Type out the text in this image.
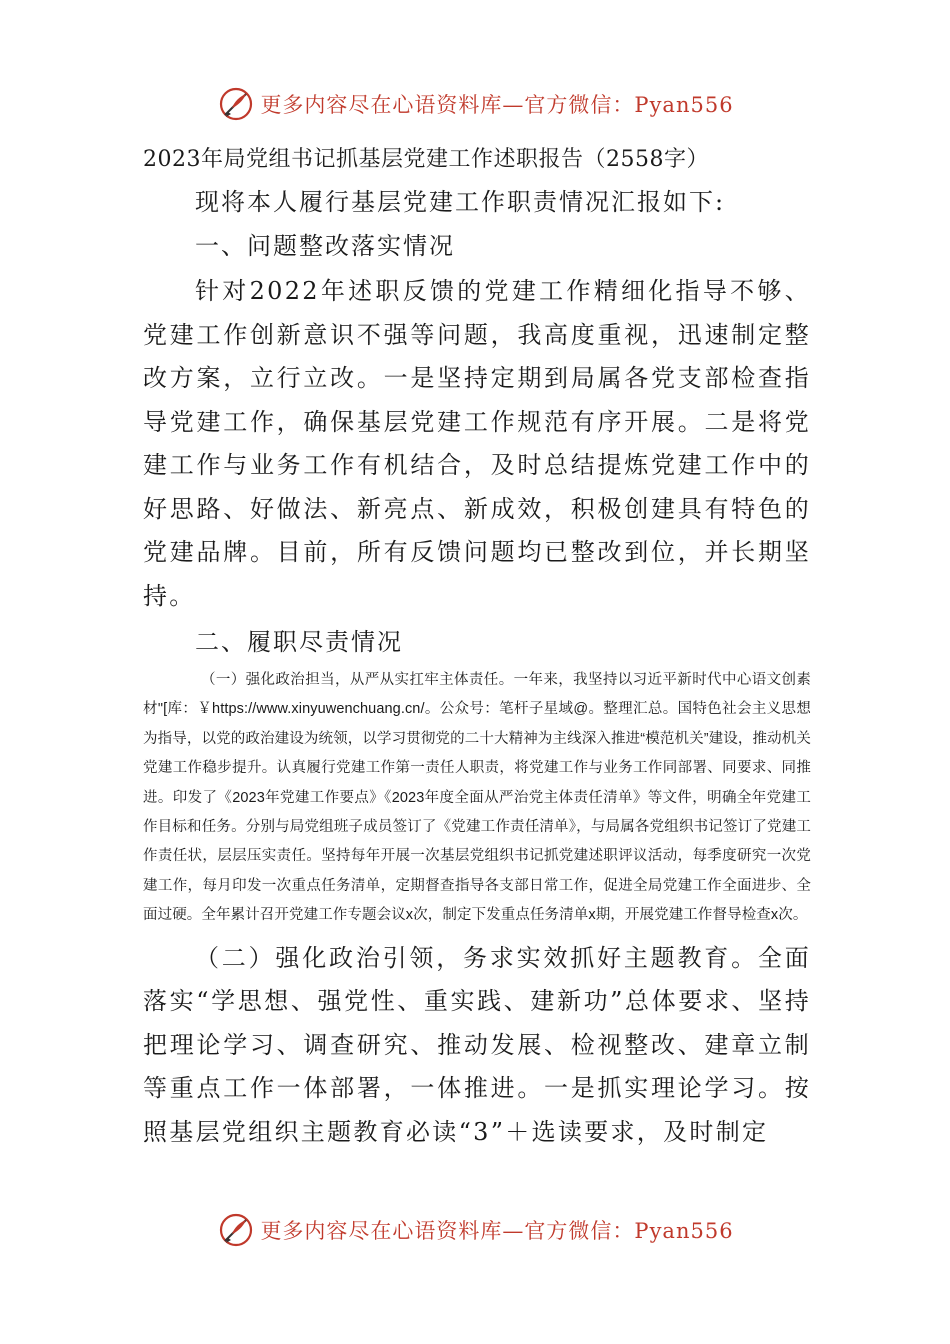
更多内容尽在心语资料库—官方微信：Pyan556

2023年局党组书记抓基层党建工作述职报告（2558字）

现将本人履行基层党建工作职责情况汇报如下:

一、问题整改落实情况

针对2022年述职反馈的党建工作精细化指导不够、党建工作创新意识不强等问题，我高度重视，迅速制定整改方案，立行立改。一是坚持定期到局属各党支部检查指导党建工作，确保基层党建工作规范有序开展。二是将党建工作与业务工作有机结合，及时总结提炼党建工作中的好思路、好做法、新亮点、新成效，积极创建具有特色的党建品牌。目前，所有反馈问题均已整改到位，并长期坚持。

二、履职尽责情况

（一）强化政治担当，从严从实扛牢主体责任。一年来，我坚持以习近平新时代中心语文创素材"[库：￥https://www.xinyuwenchuang.cn/。公众号：笔杆子星域@。整理汇总。国特色社会主义思想为指导，以党的政治建设为统领，以学习贯彻党的二十大精神为主线深入推进“模范机关”建设，推动机关党建工作稳步提升。认真履行党建工作第一责任人职责，将党建工作与业务工作同部署、同要求、同推进。印发了《2023年党建工作要点》《2023年度全面从严治党主体责任清单》等文件，明确全年党建工作目标和任务。分别与局党组班子成员签订了《党建工作责任清单》，与局属各党组织书记签订了党建工作责任状，层层压实责任。坚持每年开展一次基层党组织书记抓党建述职评议活动，每季度研究一次党建工作，每月印发一次重点任务清单，定期督查指导各支部日常工作，促进全局党建工作全面进步、全面过硬。全年累计召开党建工作专题会议x次，制定下发重点任务清单x期，开展党建工作督导检查x次。

（二）强化政治引领，务求实效抓好主题教育。全面落实“学思想、强党性、重实践、建新功”总体要求、坚持把理论学习、调查研究、推动发展、检视整改、建章立制等重点工作一体部署，一体推进。一是抓实理论学习。按照基层党组织主题教育必读“3”＋选读要求，及时制定

更多内容尽在心语资料库—官方微信：Pyan556
